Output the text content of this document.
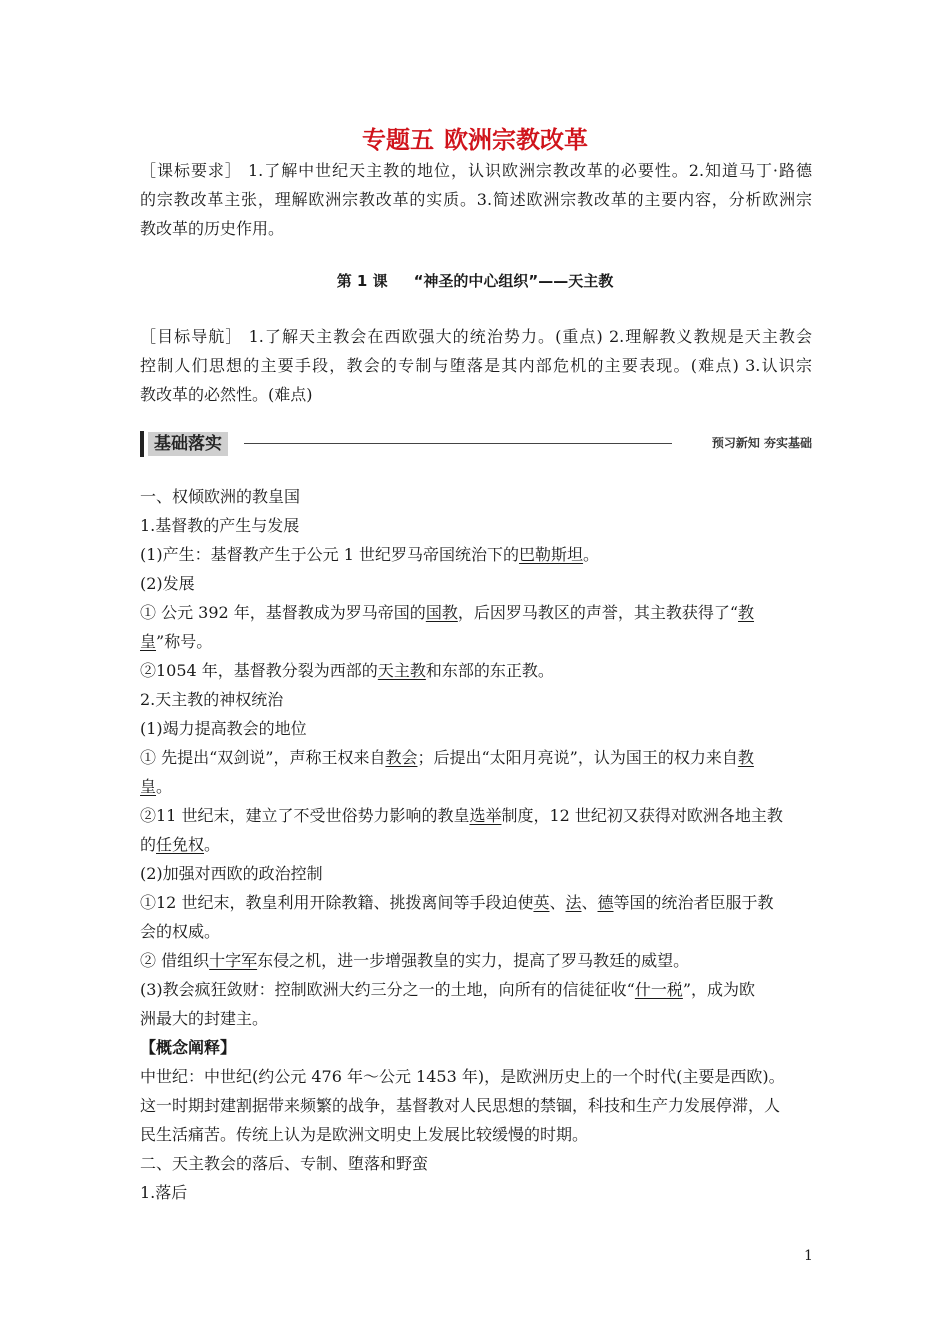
专题五 欧洲宗教改革
［课标要求］ 1.了解中世纪天主教的地位，认识欧洲宗教改革的必要性。2.知道马丁·路德
的宗教改革主张，理解欧洲宗教改革的实质。3.简述欧洲宗教改革的主要内容，分析欧洲宗
教改革的历史作用。
第 1 课 “神圣的中心组织”——天主教
［目标导航］ 1.了解天主教会在西欧强大的统治势力。(重点) 2.理解教义教规是天主教会
控制人们思想的主要手段，教会的专制与堕落是其内部危机的主要表现。(难点) 3.认识宗
教改革的必然性。(难点)
基础落实	预习新知 夯实基础
一、权倾欧洲的教皇国
1.基督教的产生与发展
(1)产生：基督教产生于公元 1 世纪罗马帝国统治下的巴勒斯坦。
(2)发展
① 公元 392 年，基督教成为罗马帝国的国教，后因罗马教区的声誉，其主教获得了“教
皇”称号。
②1054 年，基督教分裂为西部的天主教和东部的东正教。
2.天主教的神权统治
(1)竭力提高教会的地位
① 先提出“双剑说”，声称王权来自教会；后提出“太阳月亮说”，认为国王的权力来自教
皇。
②11 世纪末，建立了不受世俗势力影响的教皇选举制度，12 世纪初又获得对欧洲各地主教
的任免权。
(2)加强对西欧的政治控制
①12 世纪末，教皇利用开除教籍、挑拨离间等手段迫使英、法、德等国的统治者臣服于教
会的权威。
② 借组织十字军东侵之机，进一步增强教皇的实力，提高了罗马教廷的威望。
(3)教会疯狂敛财：控制欧洲大约三分之一的土地，向所有的信徒征收“什一税”，成为欧
洲最大的封建主。
【概念阐释】
中世纪：中世纪(约公元 476 年～公元 1453 年)，是欧洲历史上的一个时代(主要是西欧)。
这一时期封建割据带来频繁的战争，基督教对人民思想的禁锢，科技和生产力发展停滞，人
民生活痛苦。传统上认为是欧洲文明史上发展比较缓慢的时期。
二、天主教会的落后、专制、堕落和野蛮
1.落后
1
